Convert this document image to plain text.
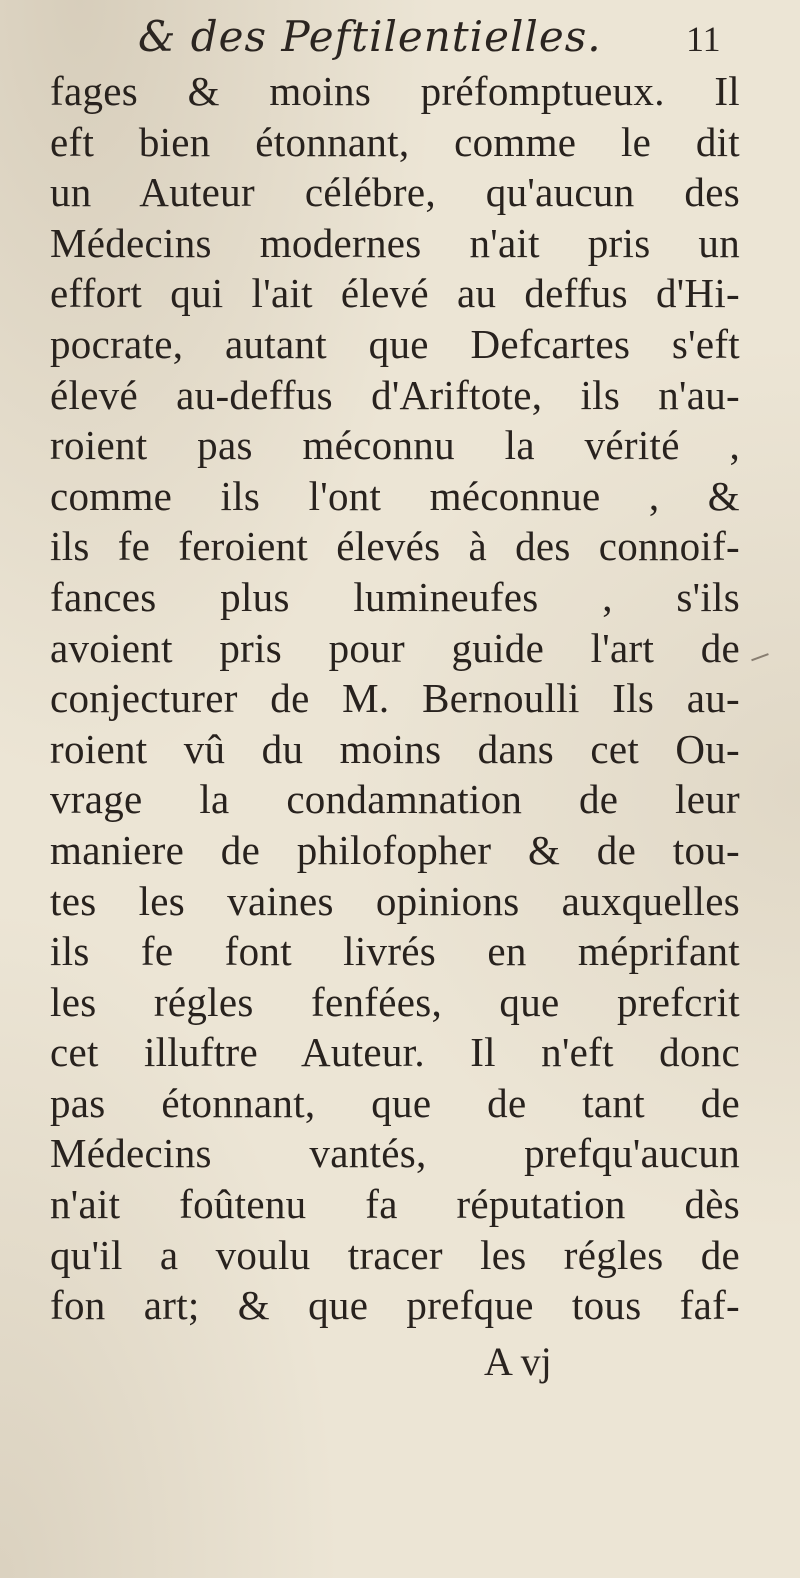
& des Peftilentielles. 11
fages & moins préfomptueux. Il
eft bien étonnant, comme le dit
un Auteur célébre, qu'aucun des
Médecins modernes n'ait pris un
effort qui l'ait élevé au deffus d'Hi-
pocrate, autant que Defcartes s'eft
élevé au-deffus d'Ariftote, ils n'au-
roient pas méconnu la vérité ,
comme ils l'ont méconnue , &
ils fe feroient élevés à des connoif-
fances plus lumineufes , s'ils
avoient pris pour guide l'art de
conjecturer de M. Bernoulli Ils au-
roient vû du moins dans cet Ou-
vrage la condamnation de leur
maniere de philofopher & de tou-
tes les vaines opinions auxquelles
ils fe font livrés en méprifant
les régles fenfées, que prefcrit
cet illuftre Auteur. Il n'eft donc
pas étonnant, que de tant de
Médecins vantés, prefqu'aucun
n'ait foûtenu fa réputation dès
qu'il a voulu tracer les régles de
fon art; & que prefque tous faf-
A vj
